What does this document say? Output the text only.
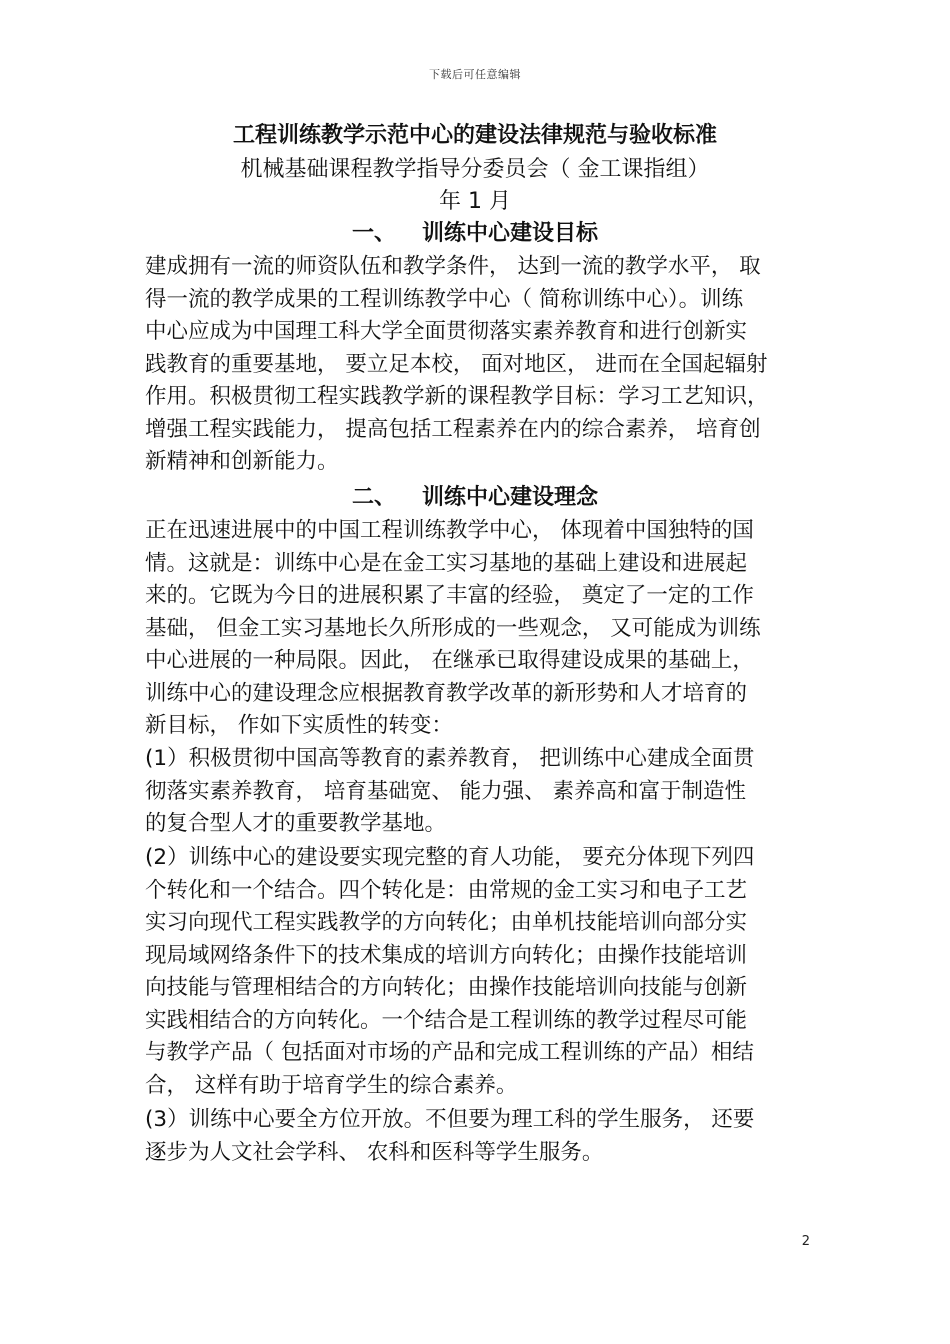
下载后可任意编辑
工程训练教学示范中心的建设法律规范与验收标准
机械基础课程教学指导分委员会（ 金工课指组）
年 1 月
一、 训练中心建设目标
建成拥有一流的师资队伍和教学条件， 达到一流的教学水平， 取
得一流的教学成果的工程训练教学中心（ 简称训练中心）。训练
中心应成为中国理工科大学全面贯彻落实素养教育和进行创新实
践教育的重要基地， 要立足本校， 面对地区， 进而在全国起辐射
作用。积极贯彻工程实践教学新的课程教学目标：学习工艺知识，
增强工程实践能力， 提高包括工程素养在内的综合素养， 培育创
新精神和创新能力。
二、 训练中心建设理念
正在迅速进展中的中国工程训练教学中心， 体现着中国独特的国
情。这就是：训练中心是在金工实习基地的基础上建设和进展起
来的。它既为今日的进展积累了丰富的经验， 奠定了一定的工作
基础， 但金工实习基地长久所形成的一些观念， 又可能成为训练
中心进展的一种局限。因此， 在继承已取得建设成果的基础上，
训练中心的建设理念应根据教育教学改革的新形势和人才培育的
新目标， 作如下实质性的转变：
(1）积极贯彻中国高等教育的素养教育， 把训练中心建成全面贯
彻落实素养教育， 培育基础宽、 能力强、 素养高和富于制造性
的复合型人才的重要教学基地。
(2）训练中心的建设要实现完整的育人功能， 要充分体现下列四
个转化和一个结合。四个转化是：由常规的金工实习和电子工艺
实习向现代工程实践教学的方向转化；由单机技能培训向部分实
现局域网络条件下的技术集成的培训方向转化；由操作技能培训
向技能与管理相结合的方向转化；由操作技能培训向技能与创新
实践相结合的方向转化。一个结合是工程训练的教学过程尽可能
与教学产品（ 包括面对市场的产品和完成工程训练的产品）相结
合， 这样有助于培育学生的综合素养。
(3）训练中心要全方位开放。不但要为理工科的学生服务， 还要
逐步为人文社会学科、 农科和医科等学生服务。
2
